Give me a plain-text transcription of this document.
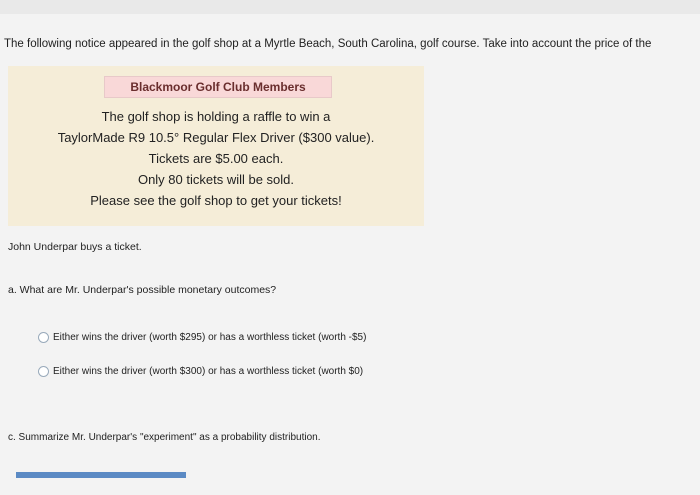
The following notice appeared in the golf shop at a Myrtle Beach, South Carolina, golf course. Take into account the price of the
Blackmoor Golf Club Members
The golf shop is holding a raffle to win a
TaylorMade R9 10.5° Regular Flex Driver ($300 value).
Tickets are $5.00 each.
Only 80 tickets will be sold.
Please see the golf shop to get your tickets!
John Underpar buys a ticket.
a. What are Mr. Underpar's possible monetary outcomes?
Either wins the driver (worth $295) or has a worthless ticket (worth -$5)
Either wins the driver (worth $300) or has a worthless ticket (worth $0)
c. Summarize Mr. Underpar's "experiment" as a probability distribution.
